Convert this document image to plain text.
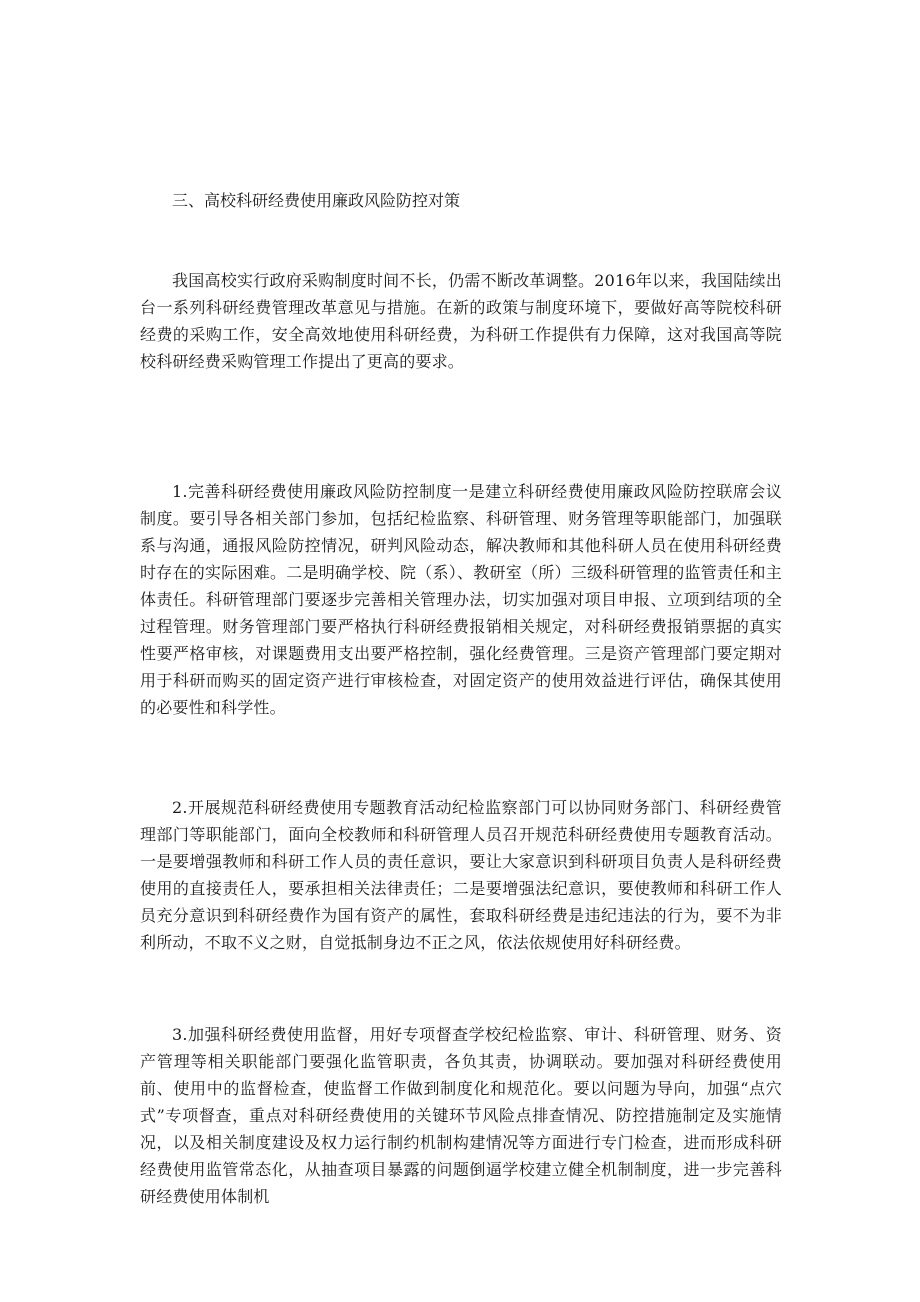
三、高校科研经费使用廉政风险防控对策

我国高校实行政府采购制度时间不长，仍需不断改革调整。2016年以来，我国陆续出台一系列科研经费管理改革意见与措施。在新的政策与制度环境下，要做好高等院校科研经费的采购工作，安全高效地使用科研经费，为科研工作提供有力保障，这对我国高等院校科研经费采购管理工作提出了更高的要求。

1.完善科研经费使用廉政风险防控制度一是建立科研经费使用廉政风险防控联席会议制度。要引导各相关部门参加，包括纪检监察、科研管理、财务管理等职能部门，加强联系与沟通，通报风险防控情况，研判风险动态，解决教师和其他科研人员在使用科研经费时存在的实际困难。二是明确学校、院（系）、教研室（所）三级科研管理的监管责任和主体责任。科研管理部门要逐步完善相关管理办法，切实加强对项目申报、立项到结项的全过程管理。财务管理部门要严格执行科研经费报销相关规定，对科研经费报销票据的真实性要严格审核，对课题费用支出要严格控制，强化经费管理。三是资产管理部门要定期对用于科研而购买的固定资产进行审核检查，对固定资产的使用效益进行评估，确保其使用的必要性和科学性。

2.开展规范科研经费使用专题教育活动纪检监察部门可以协同财务部门、科研经费管理部门等职能部门，面向全校教师和科研管理人员召开规范科研经费使用专题教育活动。一是要增强教师和科研工作人员的责任意识，要让大家意识到科研项目负责人是科研经费使用的直接责任人，要承担相关法律责任；二是要增强法纪意识，要使教师和科研工作人员充分意识到科研经费作为国有资产的属性，套取科研经费是违纪违法的行为，要不为非利所动，不取不义之财，自觉抵制身边不正之风，依法依规使用好科研经费。

3.加强科研经费使用监督，用好专项督查学校纪检监察、审计、科研管理、财务、资产管理等相关职能部门要强化监管职责，各负其责，协调联动。要加强对科研经费使用前、使用中的监督检查，使监督工作做到制度化和规范化。要以问题为导向，加强“点穴式”专项督查，重点对科研经费使用的关键环节风险点排查情况、防控措施制定及实施情况，以及相关制度建设及权力运行制约机制构建情况等方面进行专门检查，进而形成科研经费使用监管常态化，从抽查项目暴露的问题倒逼学校建立健全机制制度，进一步完善科研经费使用体制机
